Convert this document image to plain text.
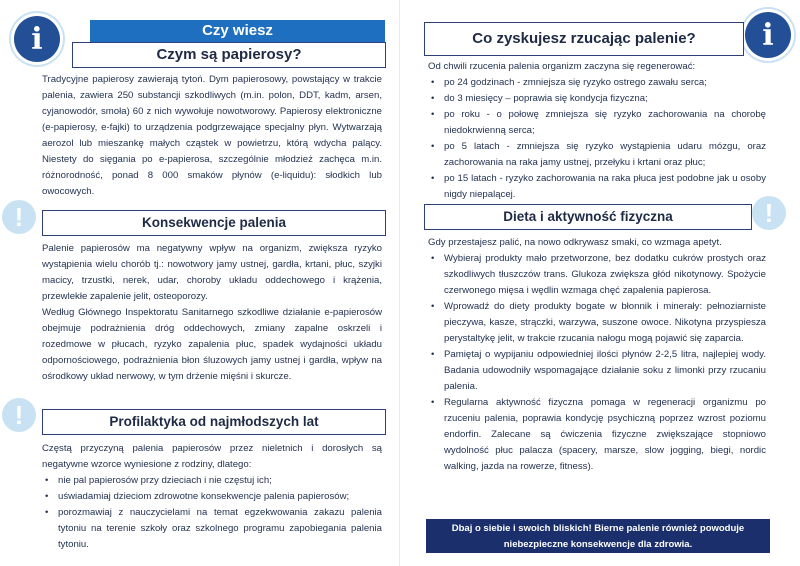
i	Czy wiesz
Czym są papierosy?

Tradycyjne papierosy zawierają tytoń. Dym papierosowy, powstający w trakcie palenia, zawiera 250 substancji szkodliwych (m.in. polon, DDT, kadm, arsen, cyjanowodór, smoła) 60 z nich wywołuje nowotworowy. Papierosy elektroniczne (e-papierosy, e-fajki) to urządzenia podgrzewające specjalny płyn. Wytwarzają aerozol lub mieszankę małych cząstek w powietrzu, którą wdycha palący. Niestety do sięgania po e-papierosa, szczególnie młodzież zachęca m.in. różnorodność, ponad 8 000 smaków płynów (e-liquidu): słodkich lub owocowych.

!	Konsekwencje palenia

Palenie papierosów ma negatywny wpływ na organizm, zwiększa ryzyko wystąpienia wielu chorób tj.: nowotwory jamy ustnej, gardła, krtani, płuc, szyjki macicy, trzustki, nerek, udar, choroby układu oddechowego i krążenia, przewlekłe zapalenie jelit, osteoporozy.

Według Głównego Inspektoratu Sanitarnego szkodliwe działanie e-papierosów obejmuje podrażnienia dróg oddechowych, zmiany zapalne oskrzeli i rozedmowe w płucach, ryzyko zapalenia płuc, spadek wydajności układu odpornościowego, podrażnienia błon śluzowych jamy ustnej i gardła, wpływ na ośrodkowy układ nerwowy, w tym drżenie mięśni i skurcze.

!	Profilaktyka od najmłodszych lat

Częstą przyczyną palenia papierosów przez nieletnich i dorosłych są negatywne wzorce wyniesione z rodziny, dlatego:

• nie pal papierosów przy dzieciach i nie częstuj ich;
• uświadamiaj dzieciom zdrowotne konsekwencje palenia papierosów;
• porozmawiaj z nauczycielami na temat egzekwowania zakazu palenia tytoniu na terenie szkoły oraz szkolnego programu zapobiegania palenia tytoniu.
i
Co zyskujesz rzucając palenie?

Od chwili rzucenia palenia organizm zaczyna się regenerować:

• po 24 godzinach - zmniejsza się ryzyko ostrego zawału serca;
• do 3 miesięcy – poprawia się kondycja fizyczna;
• po roku - o połowę zmniejsza się ryzyko zachorowania na chorobę niedokrwienną serca;
• po 5 latach - zmniejsza się ryzyko wystąpienia udaru mózgu, oraz zachorowania na raka jamy ustnej, przełyku i krtani oraz płuc;
• po 15 latach - ryzyko zachorowania na raka płuca jest podobne jak u osoby nigdy niepalącej.
!
Dieta i aktywność fizyczna

Gdy przestajesz palić, na nowo odkrywasz smaki, co wzmaga apetyt.

• Wybieraj produkty mało przetworzone, bez dodatku cukrów prostych oraz szkodliwych tłuszczów trans. Glukoza zwiększa głód nikotynowy. Spożycie czerwonego mięsa i wędlin wzmaga chęć zapalenia papierosa.
• Wprowadź do diety produkty bogate w błonnik i minerały: pełnoziarniste pieczywa, kasze, strączki, warzywa, suszone owoce. Nikotyna przyspiesza perystaltykę jelit, w trakcie rzucania nałogu mogą pojawić się zaparcia.
• Pamiętaj o wypijaniu odpowiedniej ilości płynów 2-2,5 litra, najlepiej wody. Badania udowodniły wspomagające działanie soku z limonki przy rzucaniu palenia.
• Regularna aktywność fizyczna pomaga w regeneracji organizmu po rzuceniu palenia, poprawia kondycję psychiczną poprzez wzrost poziomu endorfin. Zalecane są ćwiczenia fizyczne zwiększające stopniowo wydolność płuc palacza (spacery, marsze, slow jogging, biegi, nordic walking, jazda na rowerze, fitness).
Dbaj o siebie i swoich bliskich! Bierne palenie również powoduje niebezpieczne konsekwencje dla zdrowia.
